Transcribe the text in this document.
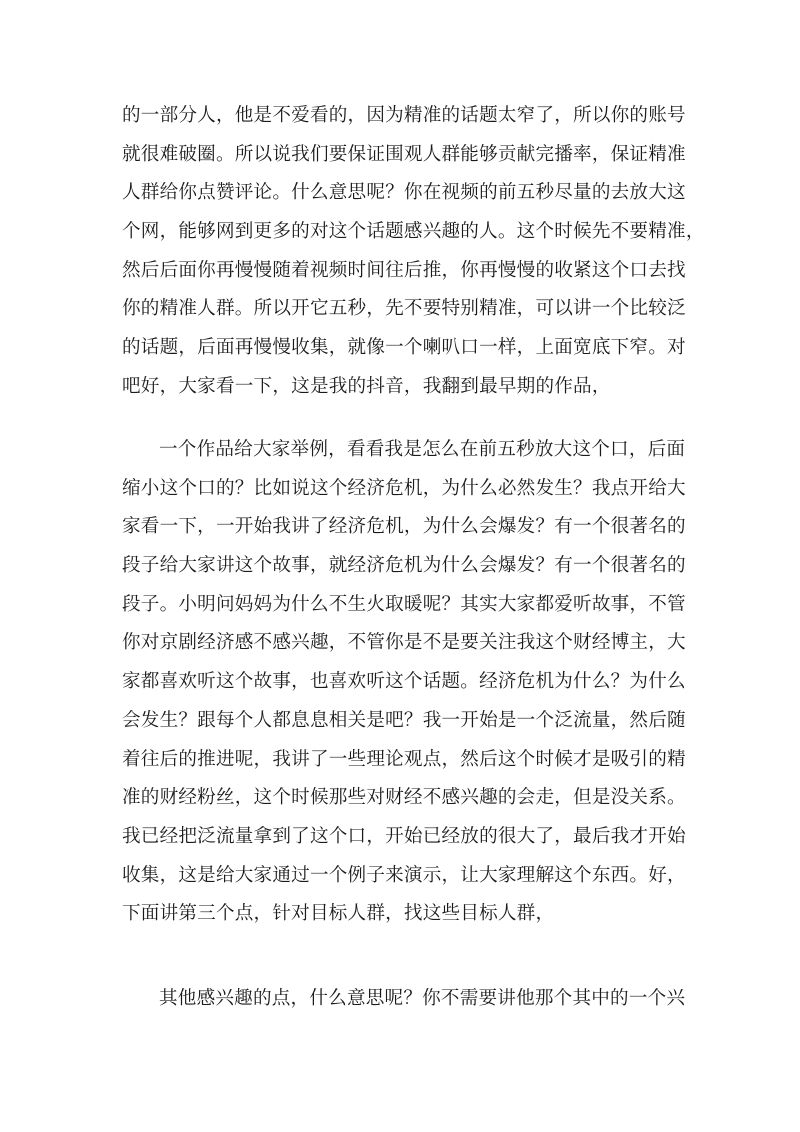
的一部分人，他是不爱看的，因为精准的话题太窄了，所以你的账号
就很难破圈。所以说我们要保证围观人群能够贡献完播率，保证精准
人群给你点赞评论。什么意思呢？你在视频的前五秒尽量的去放大这
个网，能够网到更多的对这个话题感兴趣的人。这个时候先不要精准，
然后后面你再慢慢随着视频时间往后推，你再慢慢的收紧这个口去找
你的精准人群。所以开它五秒，先不要特别精准，可以讲一个比较泛
的话题，后面再慢慢收集，就像一个喇叭口一样，上面宽底下窄。对
吧好，大家看一下，这是我的抖音，我翻到最早期的作品，
一个作品给大家举例，看看我是怎么在前五秒放大这个口，后面
缩小这个口的？比如说这个经济危机，为什么必然发生？我点开给大
家看一下，一开始我讲了经济危机，为什么会爆发？有一个很著名的
段子给大家讲这个故事，就经济危机为什么会爆发？有一个很著名的
段子。小明问妈妈为什么不生火取暖呢？其实大家都爱听故事，不管
你对京剧经济感不感兴趣，不管你是不是要关注我这个财经博主，大
家都喜欢听这个故事，也喜欢听这个话题。经济危机为什么？为什么
会发生？跟每个人都息息相关是吧？我一开始是一个泛流量，然后随
着往后的推进呢，我讲了一些理论观点，然后这个时候才是吸引的精
准的财经粉丝，这个时候那些对财经不感兴趣的会走，但是没关系。
我已经把泛流量拿到了这个口，开始已经放的很大了，最后我才开始
收集，这是给大家通过一个例子来演示，让大家理解这个东西。好，
下面讲第三个点，针对目标人群，找这些目标人群，
其他感兴趣的点，什么意思呢？你不需要讲他那个其中的一个兴
